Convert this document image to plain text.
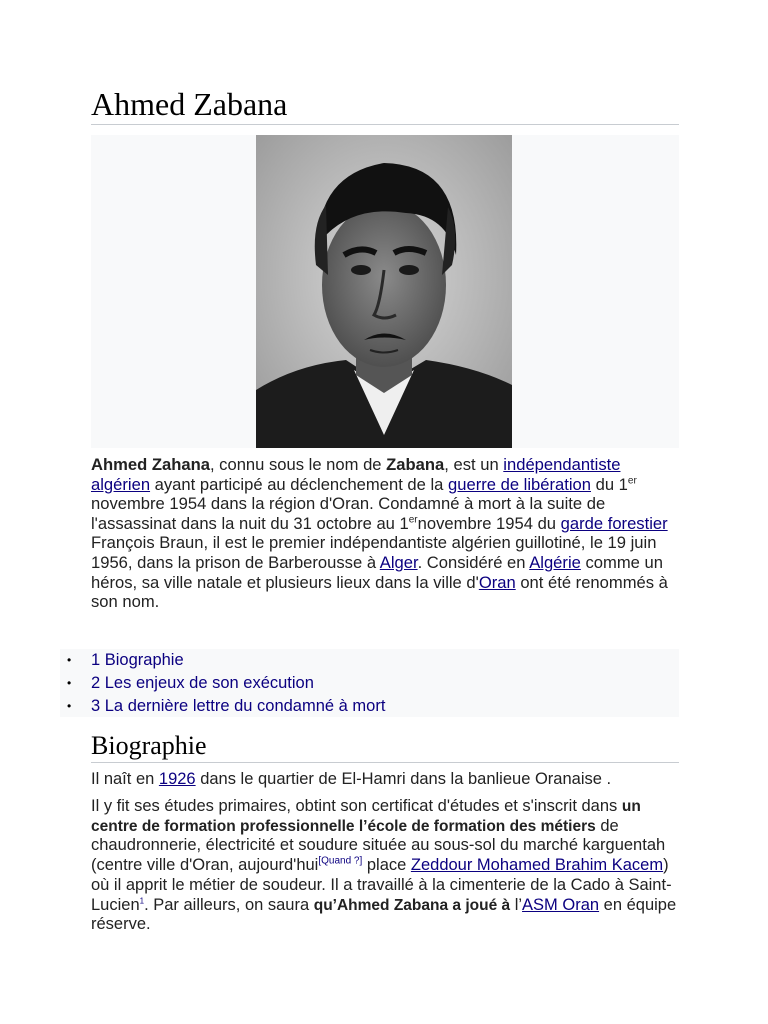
Ahmed Zabana

Ahmed Zahana, connu sous le nom de Zabana, est un indépendantiste algérien ayant participé au déclenchement de la guerre de libération du 1er novembre 1954 dans la région d'Oran. Condamné à mort à la suite de l'assassinat dans la nuit du 31 octobre au 1ernovembre 1954 du garde forestier François Braun, il est le premier indépendantiste algérien guillotiné, le 19 juin 1956, dans la prison de Barberousse à Alger. Considéré en Algérie comme un héros, sa ville natale et plusieurs lieux dans la ville d'Oran ont été renommés à son nom.

• 1 Biographie
• 2 Les enjeux de son exécution
• 3 La dernière lettre du condamné à mort
Biographie

Il naît en 1926 dans le quartier de El-Hamri dans la banlieue Oranaise .

Il y fit ses études primaires, obtint son certificat d'études et s'inscrit dans un centre de formation professionnelle l’école de formation des métiers de chaudronnerie, électricité et soudure située au sous-sol du marché karguentah (centre ville d'Oran, aujourd'hui[Quand ?] place Zeddour Mohamed Brahim Kacem) où il apprit le métier de soudeur. Il a travaillé à la cimenterie de la Cado à Saint-Lucien$^1$. Par ailleurs, on saura qu’Ahmed Zabana a joué à l’ASM Oran en équipe réserve.
